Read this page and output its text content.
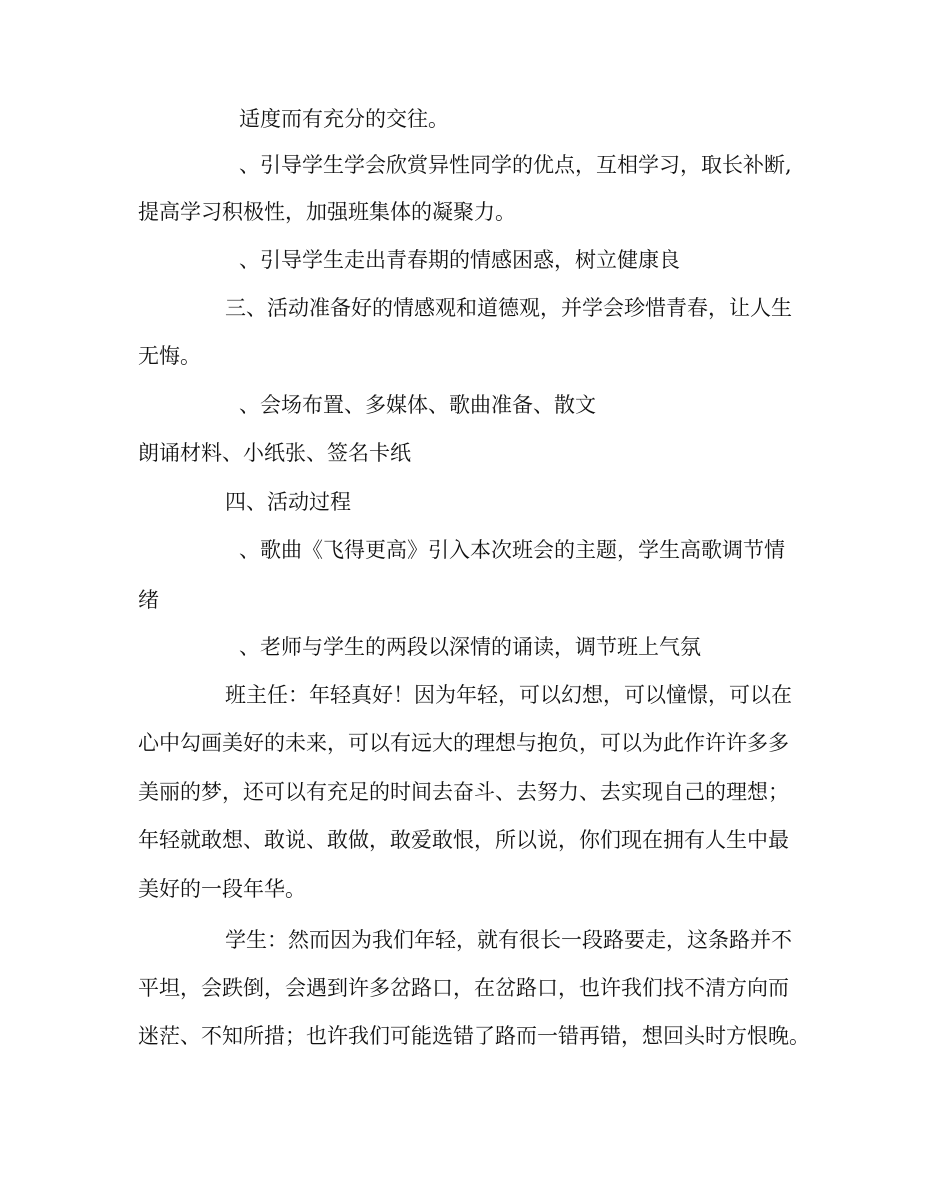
适度而有充分的交往。
、引导学生学会欣赏异性同学的优点，互相学习，取长补断,
提高学习积极性，加强班集体的凝聚力。
、引导学生走出青春期的情感困惑，树立健康良
三、活动准备好的情感观和道德观，并学会珍惜青春，让人生
无悔。
、会场布置、多媒体、歌曲准备、散文
朗诵材料、小纸张、签名卡纸
四、活动过程
、歌曲《飞得更高》引入本次班会的主题，学生高歌调节情
绪
、老师与学生的两段以深情的诵读，调节班上气氛
班主任：年轻真好！因为年轻，可以幻想，可以憧憬，可以在
心中勾画美好的未来，可以有远大的理想与抱负，可以为此作许许多多
美丽的梦，还可以有充足的时间去奋斗、去努力、去实现自己的理想；
年轻就敢想、敢说、敢做，敢爱敢恨，所以说，你们现在拥有人生中最
美好的一段年华。
学生：然而因为我们年轻，就有很长一段路要走，这条路并不
平坦，会跌倒，会遇到许多岔路口，在岔路口，也许我们找不清方向而
迷茫、不知所措；也许我们可能选错了路而一错再错，想回头时方恨晚。
